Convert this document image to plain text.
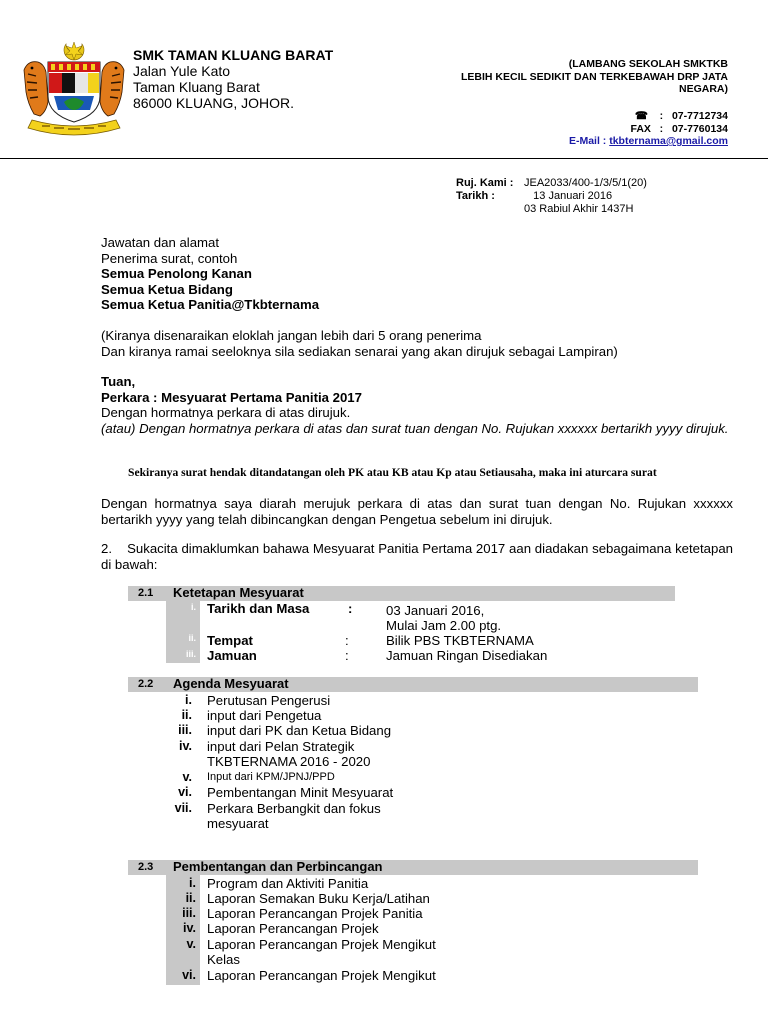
SMK TAMAN KLUANG BARAT
Jalan Yule Kato
Taman Kluang Barat
86000 KLUANG, JOHOR.
(LAMBANG SEKOLAH SMKTKB
LEBIH KECIL SEDIKIT DAN TERKEBAWAH DRP JATA
NEGARA)
☎ : 07-7712734
FAX : 07-7760134
E-Mail : tkbternama@gmail.com
Ruj. Kami : JEA2033/400-1/3/5/1(20)
Tarikh :	13 Januari 2016
03 Rabiul Akhir 1437H
Jawatan dan alamat
Penerima surat, contoh
Semua Penolong Kanan
Semua Ketua Bidang
Semua Ketua Panitia@Tkbternama
(Kiranya disenaraikan eloklah jangan lebih dari 5 orang penerima
Dan kiranya ramai seeloknya sila sediakan senarai yang akan dirujuk sebagai Lampiran)
Tuan,
Perkara : Mesyuarat Pertama Panitia 2017
Dengan hormatnya perkara di atas dirujuk.
(atau) Dengan hormatnya perkara di atas dan surat tuan dengan No. Rujukan xxxxxx bertarikh yyyy dirujuk.
Sekiranya surat hendak ditandatangan oleh PK atau KB atau Kp atau Setiausaha, maka ini aturcara surat
Dengan hormatnya saya diarah merujuk perkara di atas dan surat tuan dengan No. Rujukan xxxxxx bertarikh yyyy yang telah dibincangkan dengan Pengetua sebelum ini dirujuk.
2. Sukacita dimaklumkan bahawa Mesyuarat Panitia Pertama 2017 aan diadakan sebagaimana ketetapan di bawah:
2.1 Ketetapan Mesyuarat
i. Tarikh dan Masa	:	03 Januari 2016,
Mulai Jam 2.00 ptg.
ii. Tempat	:	Bilik PBS TKBTERNAMA
iii. Jamuan	:	Jamuan Ringan Disediakan
2.2 Agenda Mesyuarat
i. Perutusan Pengerusi
ii. input dari Pengetua
iii. input dari PK dan Ketua Bidang
iv. input dari Pelan Strategik
TKBTERNAMA 2016 - 2020
v. Input dari KPM/JPNJ/PPD
vi. Pembentangan Minit Mesyuarat
vii. Perkara Berbangkit dan fokus
mesyuarat
2.3 Pembentangan dan Perbincangan
i. Program dan Aktiviti Panitia
ii. Laporan Semakan Buku Kerja/Latihan
iii. Laporan Perancangan Projek Panitia
iv. Laporan Perancangan Projek
v. Laporan Perancangan Projek Mengikut
Kelas
vi. Laporan Perancangan Projek Mengikut
